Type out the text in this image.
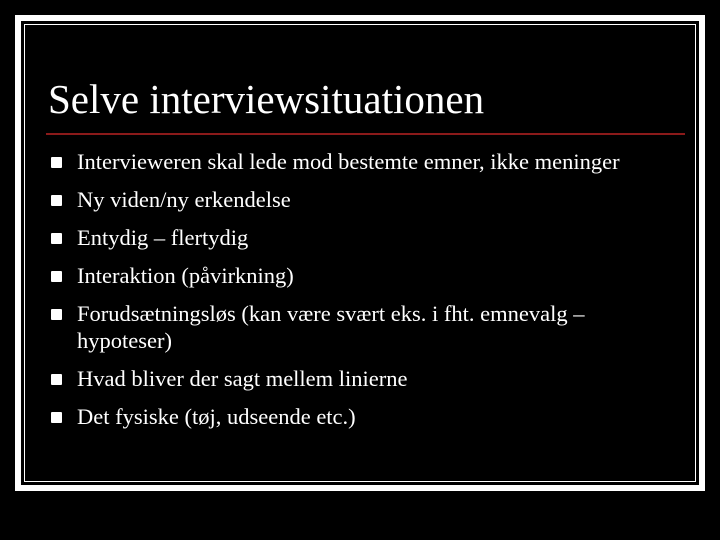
Selve interviewsituationen
Intervieweren skal lede mod bestemte emner, ikke meninger
Ny viden/ny erkendelse
Entydig – flertydig
Interaktion (påvirkning)
Forudsætningsløs (kan være svært eks. i fht. emnevalg – hypoteser)
Hvad bliver der sagt mellem linierne
Det fysiske (tøj, udseende etc.)
